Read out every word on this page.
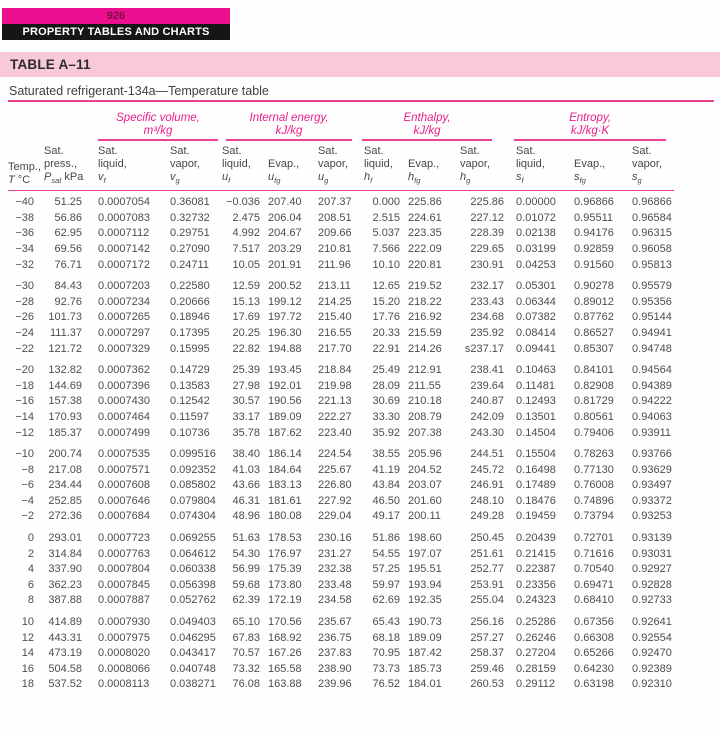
926
PROPERTY TABLES AND CHARTS
TABLE A–11
Saturated refrigerant-134a—Temperature table

Specific volume,
m³/kg

Internal energy,
kJ/kg

Enthalpy,
kJ/kg

Entropy,
kJ/kg·K

Temp.,
T °C

Sat.
press.,
$P_{sat}$ kPa

Sat.
liquid,
$v_f$

Sat.
vapor,
$v_g$

Sat.
liquid,
$u_f$

Evap.,
$u_{fg}$

Sat.
vapor,
$u_g$

Sat.
liquid,
$h_f$

Evap.,
$h_{fg}$

Sat.
vapor,
$h_g$

Sat.
liquid,
$s_f$

Evap.,
$s_{fg}$

Sat.
vapor,
$s_g$

−40	51.25	0.0007054	0.36081	−0.036	207.40	207.37	0.000	225.86	225.86	0.00000	0.96866	0.96866
−38	56.86	0.0007083	0.32732	2.475	206.04	208.51	2.515	224.61	227.12	0.01072	0.95511	0.96584
−36	62.95	0.0007112	0.29751	4.992	204.67	209.66	5.037	223.35	228.39	0.02138	0.94176	0.96315
−34	69.56	0.0007142	0.27090	7.517	203.29	210.81	7.566	222.09	229.65	0.03199	0.92859	0.96058
−32	76.71	0.0007172	0.24711	10.05	201.91	211.96	10.10	220.81	230.91	0.04253	0.91560	0.95813
−30	84.43	0.0007203	0.22580	12.59	200.52	213.11	12.65	219.52	232.17	0.05301	0.90278	0.95579
−28	92.76	0.0007234	0.20666	15.13	199.12	214.25	15.20	218.22	233.43	0.06344	0.89012	0.95356
−26	101.73	0.0007265	0.18946	17.69	197.72	215.40	17.76	216.92	234.68	0.07382	0.87762	0.95144
−24	111.37	0.0007297	0.17395	20.25	196.30	216.55	20.33	215.59	235.92	0.08414	0.86527	0.94941
−22	121.72	0.0007329	0.15995	22.82	194.88	217.70	22.91	214.26	s237.17	0.09441	0.85307	0.94748
−20	132.82	0.0007362	0.14729	25.39	193.45	218.84	25.49	212.91	238.41	0.10463	0.84101	0.94564
−18	144.69	0.0007396	0.13583	27.98	192.01	219.98	28.09	211.55	239.64	0.11481	0.82908	0.94389
−16	157.38	0.0007430	0.12542	30.57	190.56	221.13	30.69	210.18	240.87	0.12493	0.81729	0.94222
−14	170.93	0.0007464	0.11597	33.17	189.09	222.27	33.30	208.79	242.09	0.13501	0.80561	0.94063
−12	185.37	0.0007499	0.10736	35.78	187.62	223.40	35.92	207.38	243.30	0.14504	0.79406	0.93911
−10	200.74	0.0007535	0.099516	38.40	186.14	224.54	38.55	205.96	244.51	0.15504	0.78263	0.93766
−8	217.08	0.0007571	0.092352	41.03	184.64	225.67	41.19	204.52	245.72	0.16498	0.77130	0.93629
−6	234.44	0.0007608	0.085802	43.66	183.13	226.80	43.84	203.07	246.91	0.17489	0.76008	0.93497
−4	252.85	0.0007646	0.079804	46.31	181.61	227.92	46.50	201.60	248.10	0.18476	0.74896	0.93372
−2	272.36	0.0007684	0.074304	48.96	180.08	229.04	49.17	200.11	249.28	0.19459	0.73794	0.93253
0	293.01	0.0007723	0.069255	51.63	178.53	230.16	51.86	198.60	250.45	0.20439	0.72701	0.93139
2	314.84	0.0007763	0.064612	54.30	176.97	231.27	54.55	197.07	251.61	0.21415	0.71616	0.93031
4	337.90	0.0007804	0.060338	56.99	175.39	232.38	57.25	195.51	252.77	0.22387	0.70540	0.92927
6	362.23	0.0007845	0.056398	59.68	173.80	233.48	59.97	193.94	253.91	0.23356	0.69471	0.92828
8	387.88	0.0007887	0.052762	62.39	172.19	234.58	62.69	192.35	255.04	0.24323	0.68410	0.92733
10	414.89	0.0007930	0.049403	65.10	170.56	235.67	65.43	190.73	256.16	0.25286	0.67356	0.92641
12	443.31	0.0007975	0.046295	67.83	168.92	236.75	68.18	189.09	257.27	0.26246	0.66308	0.92554
14	473.19	0.0008020	0.043417	70.57	167.26	237.83	70.95	187.42	258.37	0.27204	0.65266	0.92470
16	504.58	0.0008066	0.040748	73.32	165.58	238.90	73.73	185.73	259.46	0.28159	0.64230	0.92389
18	537.52	0.0008113	0.038271	76.08	163.88	239.96	76.52	184.01	260.53	0.29112	0.63198	0.92310
